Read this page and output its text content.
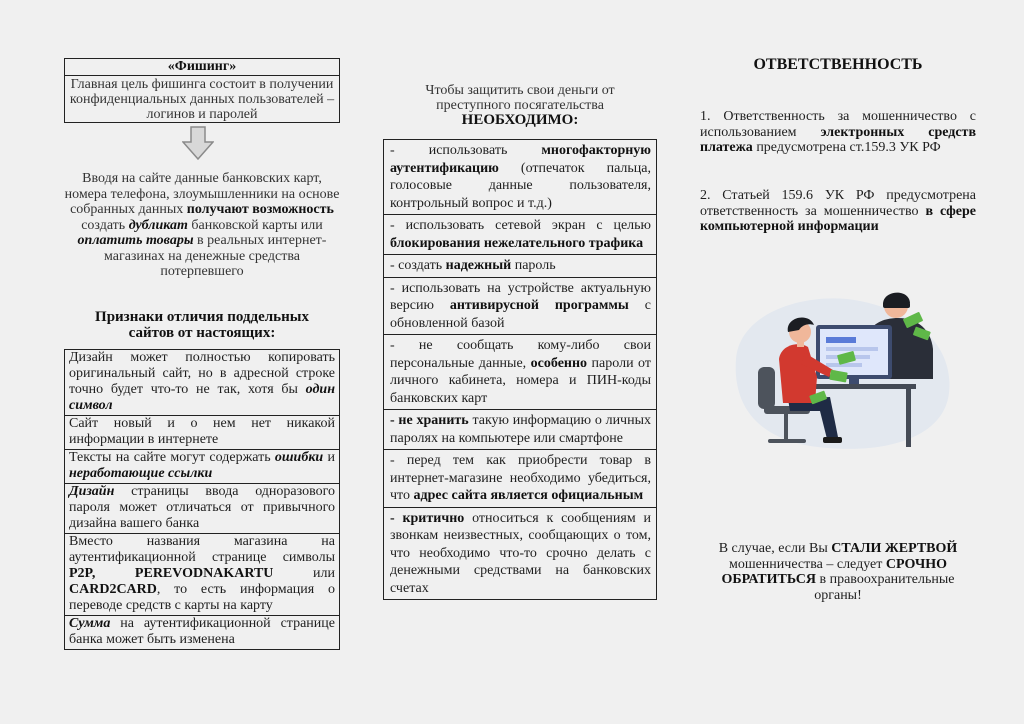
«Фишинг»
Главная цель фишинга состоит в получении конфиденциальных данных пользователей – логинов и паролей
Вводя на сайте данные банковских карт, номера телефона, злоумышленники на основе собранных данных получают возможность создать дубликат банковской карты или оплатить товары в реальных интернет-магазинах на денежные средства потерпевшего
Признаки отличия поддельных сайтов от настоящих:
Дизайн может полностью копировать оригинальный сайт, но в адресной строке точно будет что-то не так, хотя бы один символ
Сайт новый и о нем нет никакой информации в интернете
Тексты на сайте могут содержать ошибки и неработающие ссылки
Дизайн страницы ввода одноразового пароля может отличаться от привычного дизайна вашего банка
Вместо названия магазина на аутентификационной странице символы P2P, PEREVODNAKARTU или CARD2CARD, то есть информация о переводе средств с карты на карту
Сумма на аутентификационной странице банка может быть изменена
Чтобы защитить свои деньги от преступного посягательства НЕОБХОДИМО:
- использовать многофакторную аутентификацию (отпечаток пальца, голосовые данные пользователя, контрольный вопрос и т.д.)
- использовать сетевой экран с целью блокирования нежелательного трафика
- создать надежный пароль
- использовать на устройстве актуальную версию антивирусной программы с обновленной базой
- не сообщать кому-либо свои персональные данные, особенно пароли от личного кабинета, номера и ПИН-коды банковских карт
- не хранить такую информацию о личных паролях на компьютере или смартфоне
- перед тем как приобрести товар в интернет-магазине необходимо убедиться, что адрес сайта является официальным
- критично относиться к сообщениям и звонкам неизвестных, сообщающих о том, что необходимо что-то срочно делать с денежными средствами на банковских счетах
ОТВЕТСТВЕННОСТЬ
1. Ответственность за мошенничество с использованием электронных средств платежа предусмотрена ст.159.3 УК РФ
2. Статьей 159.6 УК РФ предусмотрена ответственность за мошенничество в сфере компьютерной информации
В случае, если Вы СТАЛИ ЖЕРТВОЙ мошенничества – следует СРОЧНО ОБРАТИТЬСЯ в правоохранительные органы!
